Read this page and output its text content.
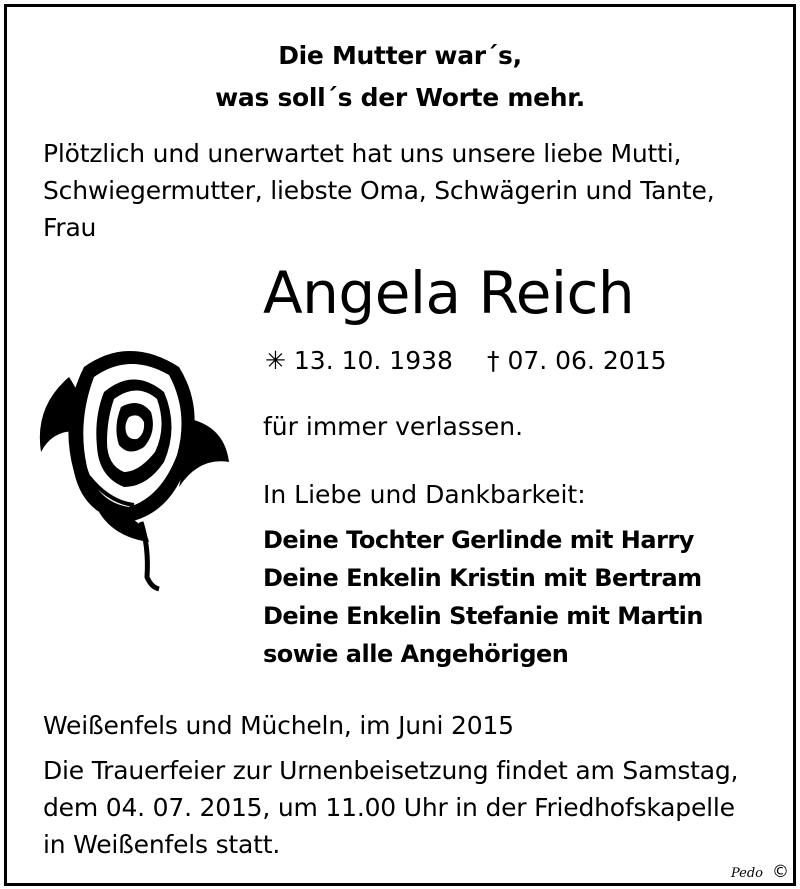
Die Mutter war´s,
was soll´s der Worte mehr.
Plötzlich und unerwartet hat uns unsere liebe Mutti,
Schwiegermutter, liebste Oma, Schwägerin und Tante,
Frau
Angela Reich
✳ 13. 10. 1938 † 07. 06. 2015
für immer verlassen.
In Liebe und Dankbarkeit:
Deine Tochter Gerlinde mit Harry
Deine Enkelin Kristin mit Bertram
Deine Enkelin Stefanie mit Martin
sowie alle Angehörigen
Weißenfels und Mücheln, im Juni 2015
Die Trauerfeier zur Urnenbeisetzung findet am Samstag,
dem 04. 07. 2015, um 11.00 Uhr in der Friedhofskapelle
in Weißenfels statt.
Pedo ©
